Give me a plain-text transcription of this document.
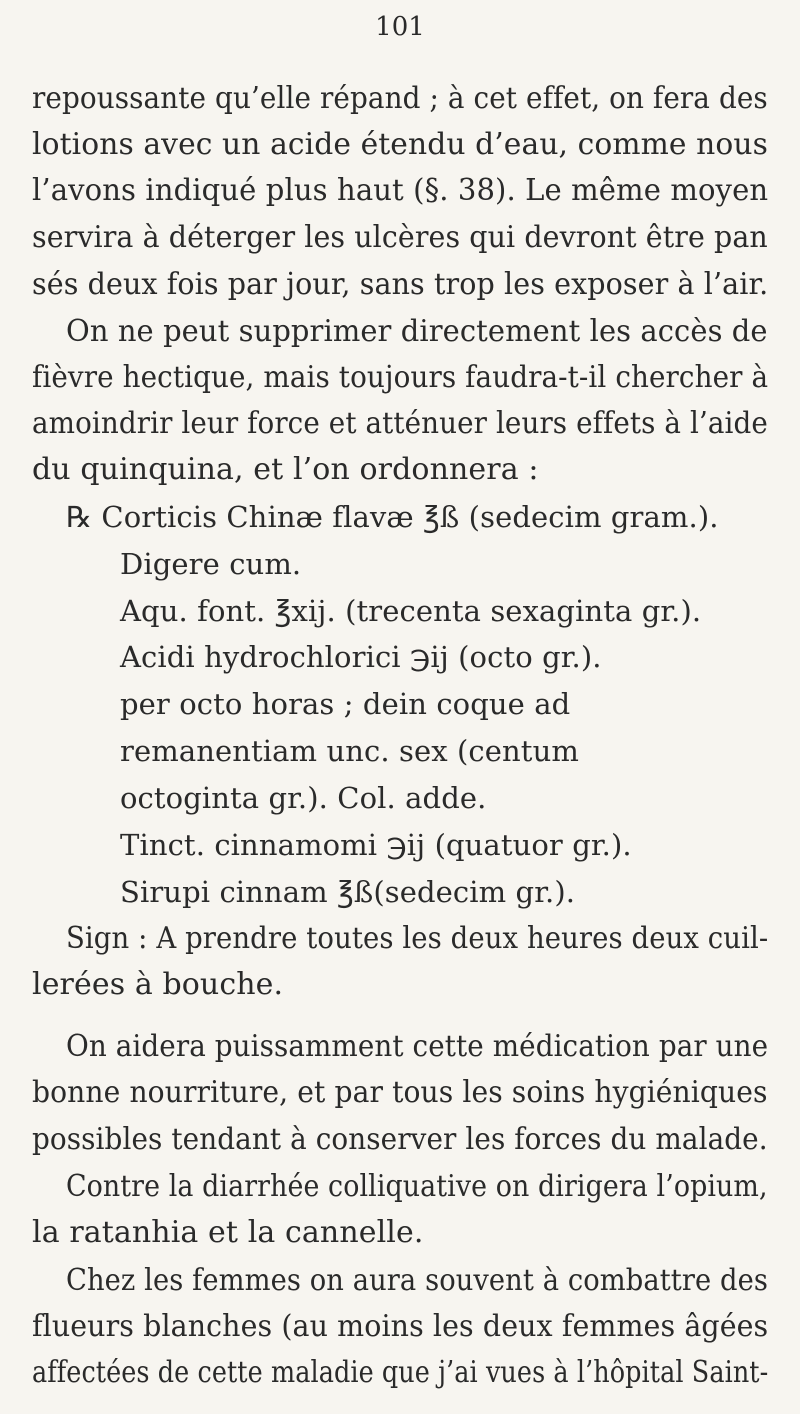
101
repoussante qu’elle répand ; à cet effet, on fera des
lotions avec un acide étendu d’eau, comme nous
l’avons indiqué plus haut (§. 38). Le même moyen
servira à déterger les ulcères qui devront être pan
sés deux fois par jour, sans trop les exposer à l’air.
On ne peut supprimer directement les accès de
fièvre hectique, mais toujours faudra-t-il chercher à
amoindrir leur force et atténuer leurs effets à l’aide
du quinquina, et l’on ordonnera :
℞ Corticis Chinæ flavæ ℥ß (sedecim gram.).
Digere cum.
Aqu. font. ℥xij. (trecenta sexaginta gr.).
Acidi hydrochlorici ℈ij (octo gr.).
per octo horas ; dein coque ad
remanentiam unc. sex (centum
octoginta gr.). Col. adde.
Tinct. cinnamomi ℈ij (quatuor gr.).
Sirupi cinnam ℥ß(sedecim gr.).
Sign : A prendre toutes les deux heures deux cuil-
lerées à bouche.
On aidera puissamment cette médication par une
bonne nourriture, et par tous les soins hygiéniques
possibles tendant à conserver les forces du malade.
Contre la diarrhée colliquative on dirigera l’opium,
la ratanhia et la cannelle.
Chez les femmes on aura souvent à combattre des
flueurs blanches (au moins les deux femmes âgées
affectées de cette maladie que j’ai vues à l’hôpital Saint-
